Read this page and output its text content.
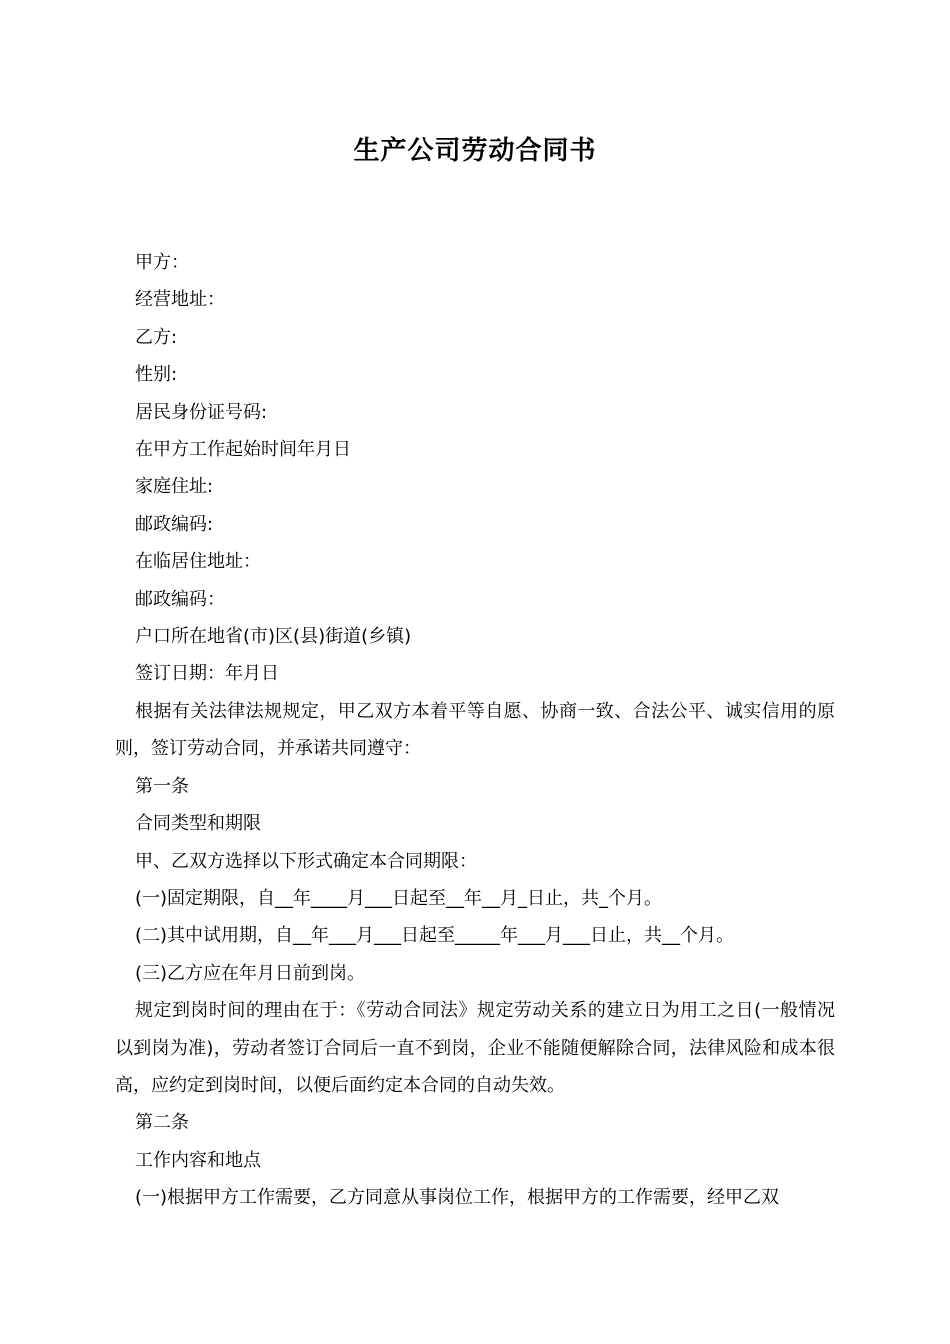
生产公司劳动合同书

甲方：

经营地址：

乙方:

性别:

居民身份证号码:

在甲方工作起始时间年月日

家庭住址:

邮政编码:

在临居住地址：

邮政编码：

户口所在地省(市)区(县)街道(乡镇)

签订日期：年月日

根据有关法律法规规定，甲乙双方本着平等自愿、协商一致、合法公平、诚实信用的原则，签订劳动合同，并承诺共同遵守：

第一条

合同类型和期限

甲、乙双方选择以下形式确定本合同期限：

(一)固定期限，自__年____月___日起至__年__月_日止，共_个月。

(二)其中试用期，自__年___月___日起至_____年___月___日止，共__个月。

(三)乙方应在年月日前到岗。

规定到岗时间的理由在于：《劳动合同法》规定劳动关系的建立日为用工之日(一般情况以到岗为准)，劳动者签订合同后一直不到岗，企业不能随便解除合同，法律风险和成本很高，应约定到岗时间，以便后面约定本合同的自动失效。

第二条

工作内容和地点

(一)根据甲方工作需要，乙方同意从事岗位工作，根据甲方的工作需要，经甲乙双
